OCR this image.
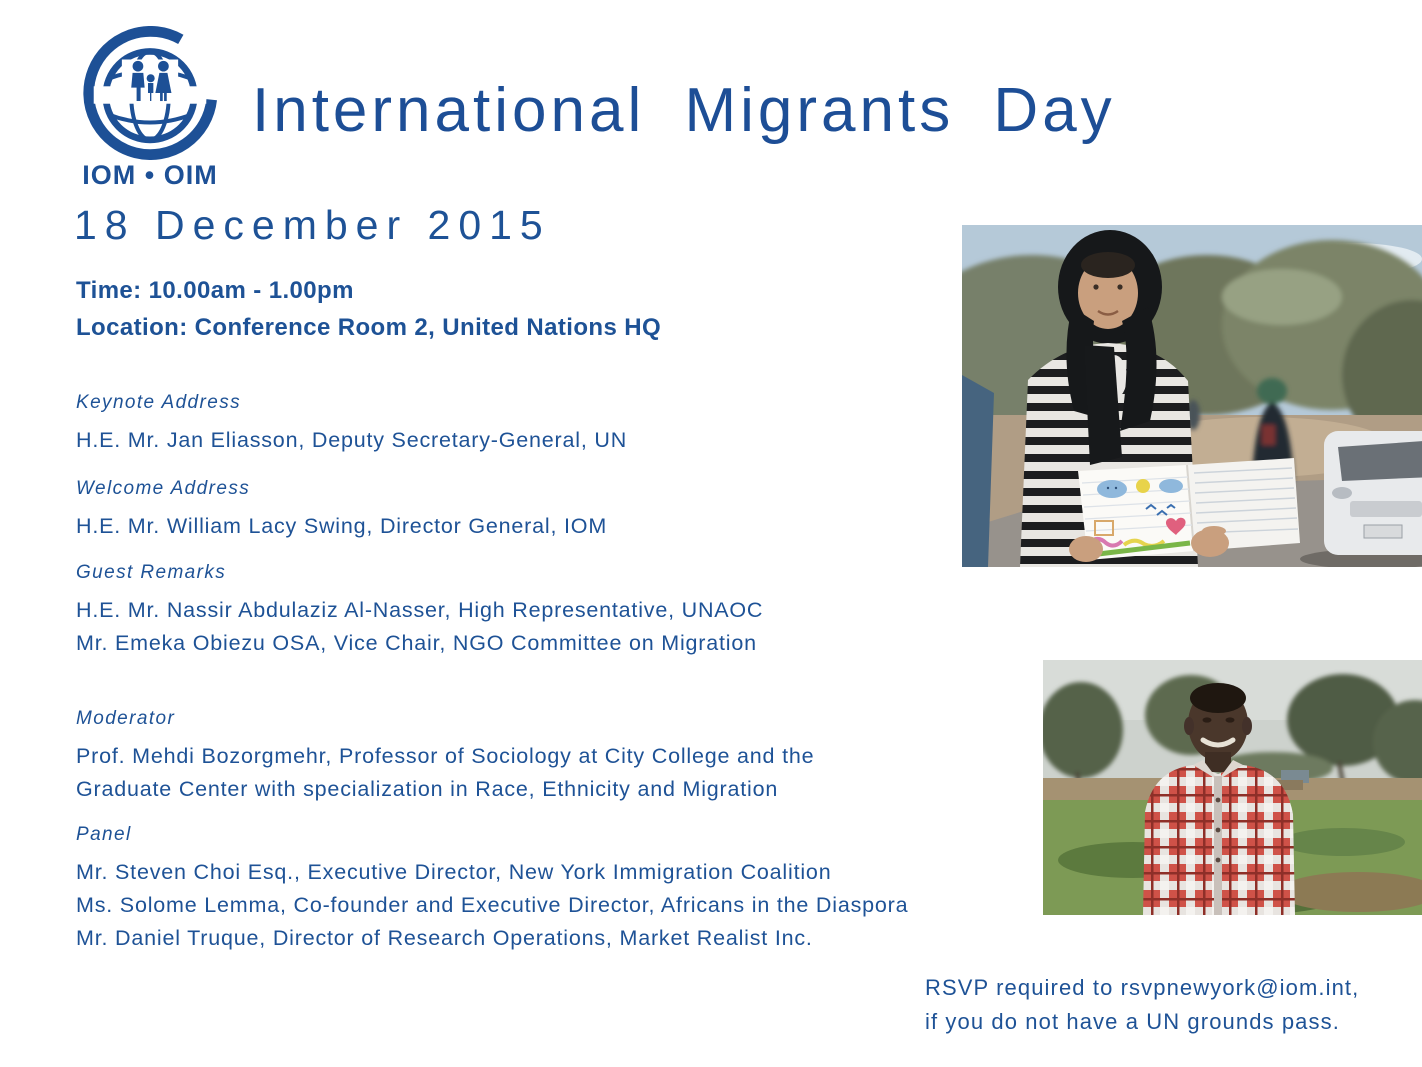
IOM • OIM
International Migrants Day
18 December 2015
Time: 10.00am - 1.00pm
Location: Conference Room 2, United Nations HQ
Keynote Address
H.E. Mr. Jan Eliasson, Deputy Secretary-General, UN
Welcome Address
H.E. Mr. William Lacy Swing, Director General, IOM
Guest Remarks
H.E. Mr. Nassir Abdulaziz Al-Nasser, High Representative, UNAOC
Mr. Emeka Obiezu OSA, Vice Chair, NGO Committee on Migration
Moderator
Prof. Mehdi Bozorgmehr, Professor of Sociology at City College and the
Graduate Center with specialization in Race, Ethnicity and Migration
Panel
Mr. Steven Choi Esq., Executive Director, New York Immigration Coalition
Ms. Solome Lemma, Co-founder and Executive Director, Africans in the Diaspora
Mr. Daniel Truque, Director of Research Operations, Market Realist Inc.
RSVP required to rsvpnewyork@iom.int,
if you do not have a UN grounds pass.
